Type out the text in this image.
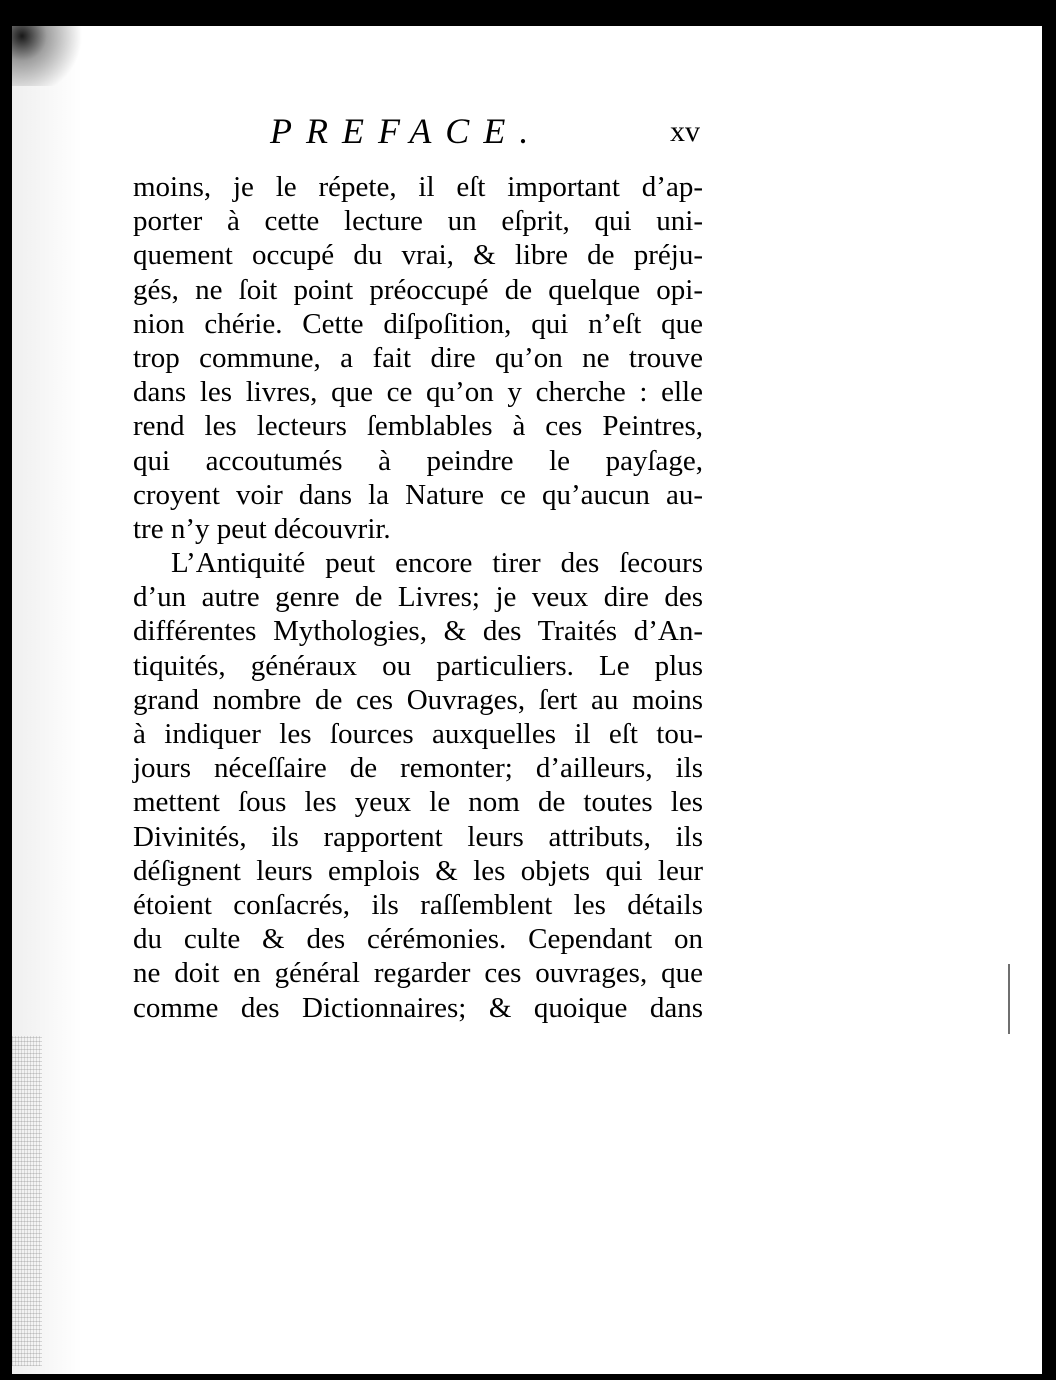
PREFACE.	xv
moins, je le répete, il eſt important d’ap-
porter à cette lecture un eſprit, qui uni-
quement occupé du vrai, & libre de préju-
gés, ne ſoit point préoccupé de quelque opi-
nion chérie. Cette diſpoſition, qui n’eſt que
trop commune, a fait dire qu’on ne trouve
dans les livres, que ce qu’on y cherche : elle
rend les lecteurs ſemblables à ces Peintres,
qui accoutumés à peindre le payſage,
croyent voir dans la Nature ce qu’aucun au-
tre n’y peut découvrir.
L’Antiquité peut encore tirer des ſecours
d’un autre genre de Livres; je veux dire des
différentes Mythologies, & des Traités d’An-
tiquités, généraux ou particuliers. Le plus
grand nombre de ces Ouvrages, ſert au moins
à indiquer les ſources auxquelles il eſt tou-
jours néceſſaire de remonter; d’ailleurs, ils
mettent ſous les yeux le nom de toutes les
Divinités, ils rapportent leurs attributs, ils
déſignent leurs emplois & les objets qui leur
étoient conſacrés, ils raſſemblent les détails
du culte & des cérémonies. Cependant on
ne doit en général regarder ces ouvrages, que
comme des Dictionnaires; & quoique dans
